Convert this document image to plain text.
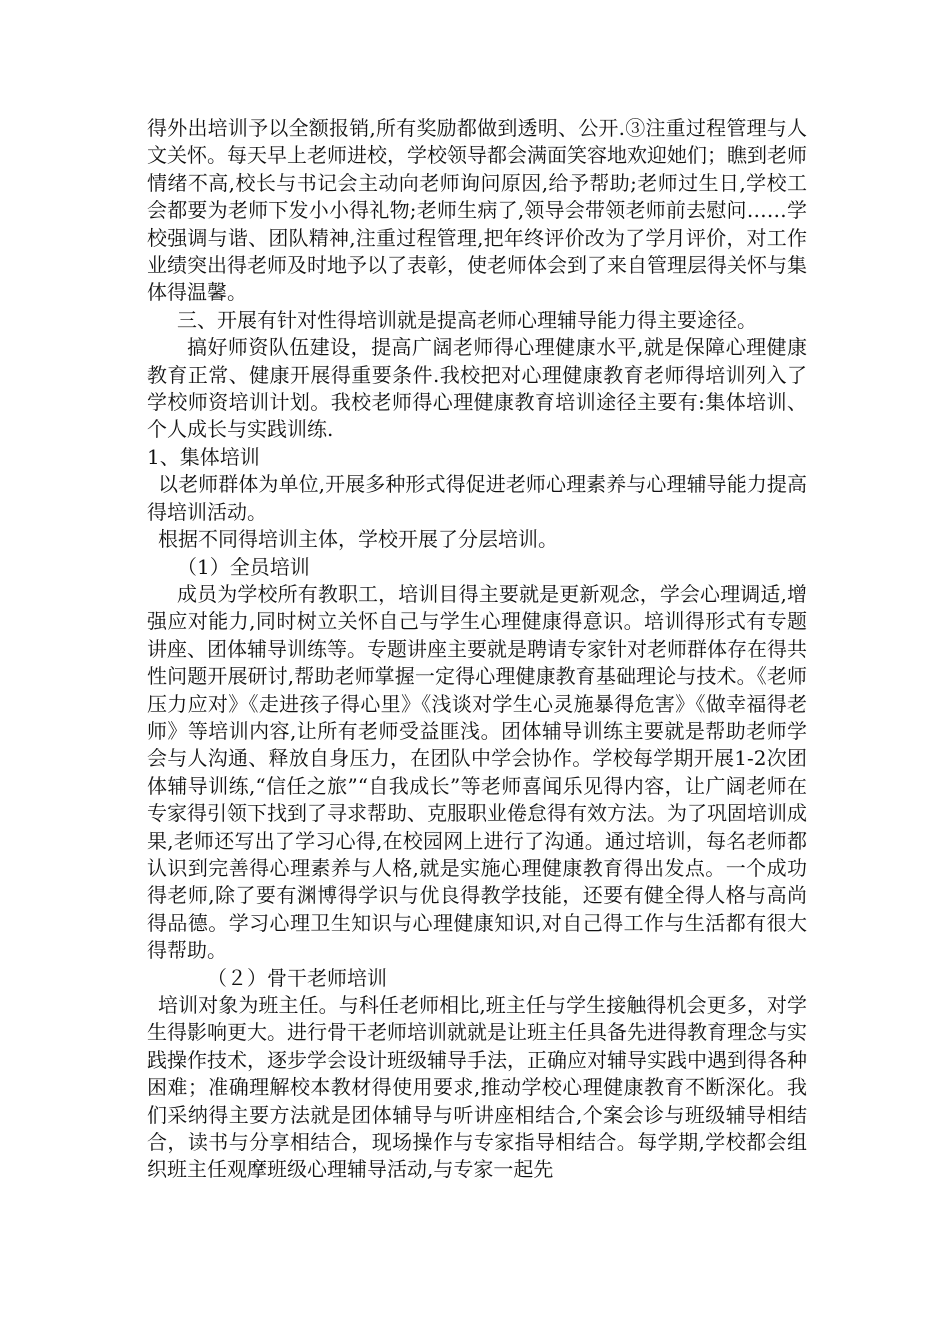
得外出培训予以全额报销,所有奖励都做到透明、公开.③注重过程管理与人文关怀。每天早上老师进校，学校领导都会满面笑容地欢迎她们；瞧到老师情绪不高,校长与书记会主动向老师询问原因,给予帮助;老师过生日,学校工会都要为老师下发小小得礼物;老师生病了,领导会带领老师前去慰问……学校强调与谐、团队精神,注重过程管理,把年终评价改为了学月评价，对工作业绩突出得老师及时地予以了表彰，使老师体会到了来自管理层得关怀与集体得温馨。

三、开展有针对性得培训就是提高老师心理辅导能力得主要途径。

搞好师资队伍建设，提高广阔老师得心理健康水平,就是保障心理健康教育正常、健康开展得重要条件.我校把对心理健康教育老师得培训列入了学校师资培训计划。我校老师得心理健康教育培训途径主要有:集体培训、个人成长与实践训练.

1、集体培训

以老师群体为单位,开展多种形式得促进老师心理素养与心理辅导能力提高得培训活动。

根据不同得培训主体，学校开展了分层培训。

（1）全员培训

成员为学校所有教职工，培训目得主要就是更新观念，学会心理调适,增强应对能力,同时树立关怀自己与学生心理健康得意识。培训得形式有专题讲座、团体辅导训练等。专题讲座主要就是聘请专家针对老师群体存在得共性问题开展研讨,帮助老师掌握一定得心理健康教育基础理论与技术。《老师压力应对》《走进孩子得心里》《浅谈对学生心灵施暴得危害》《做幸福得老师》等培训内容,让所有老师受益匪浅。团体辅导训练主要就是帮助老师学会与人沟通、释放自身压力，在团队中学会协作。学校每学期开展1-2次团体辅导训练,“信任之旅”“自我成长”等老师喜闻乐见得内容，让广阔老师在专家得引领下找到了寻求帮助、克服职业倦怠得有效方法。为了巩固培训成果,老师还写出了学习心得,在校园网上进行了沟通。通过培训，每名老师都认识到完善得心理素养与人格,就是实施心理健康教育得出发点。一个成功得老师,除了要有渊博得学识与优良得教学技能，还要有健全得人格与高尚得品德。学习心理卫生知识与心理健康知识,对自己得工作与生活都有很大得帮助。

（２）骨干老师培训

培训对象为班主任。与科任老师相比,班主任与学生接触得机会更多，对学生得影响更大。进行骨干老师培训就就是让班主任具备先进得教育理念与实践操作技术，逐步学会设计班级辅导手法，正确应对辅导实践中遇到得各种困难；准确理解校本教材得使用要求,推动学校心理健康教育不断深化。我们采纳得主要方法就是团体辅导与听讲座相结合,个案会诊与班级辅导相结合，读书与分享相结合，现场操作与专家指导相结合。每学期,学校都会组织班主任观摩班级心理辅导活动,与专家一起先
